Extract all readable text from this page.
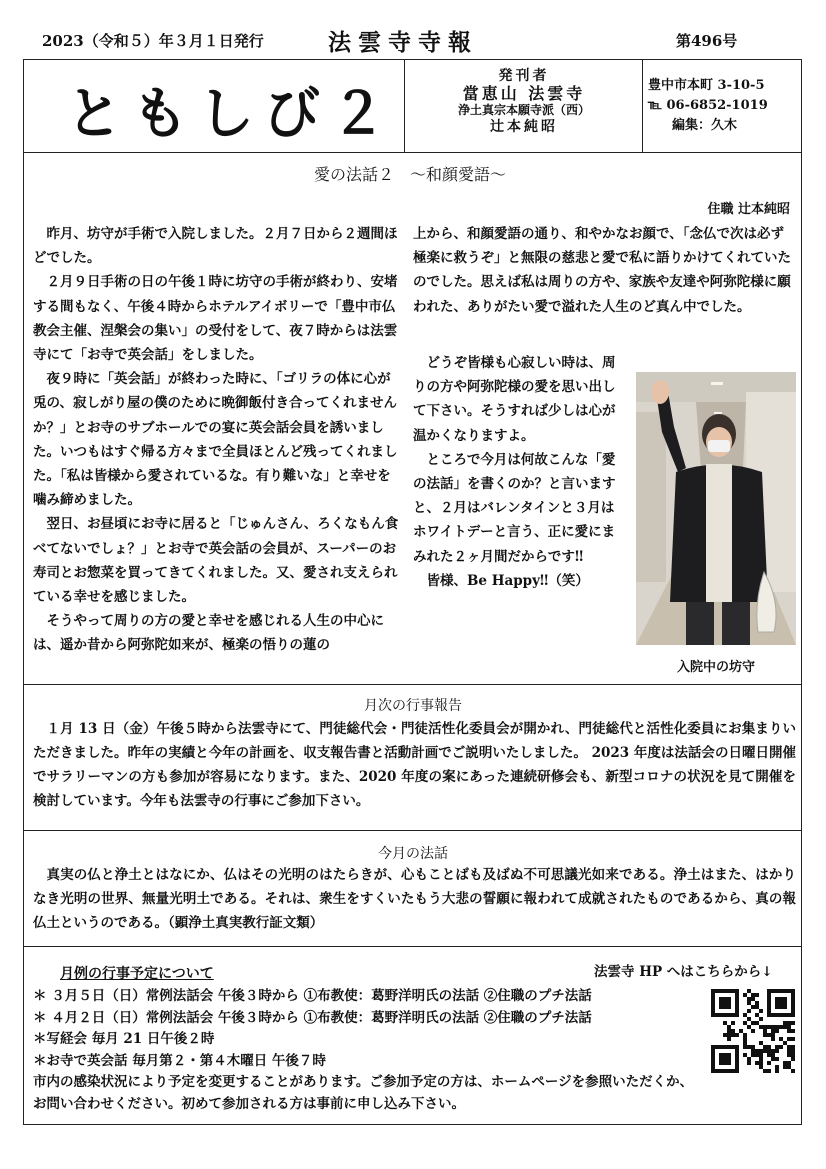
2023（令和５）年３月１日発行	法雲寺寺報	第496号
ともしび２
発刊者
當恵山 法雲寺
浄土真宗本願寺派（西）
辻本純昭
豊中市本町 3-10-5
℡ 06-6852-1019
編集：久木
愛の法話２　～和顔愛語～
住職 辻本純昭

昨月、坊守が手術で入院しました。２月７日から２週間ほどでした。

２月９日手術の日の午後１時に坊守の手術が終わり、安堵する間もなく、午後４時からホテルアイボリーで「豊中市仏教会主催、涅槃会の集い」の受付をして、夜７時からは法雲寺にて「お寺で英会話」をしました。

夜９時に「英会話」が終わった時に、「ゴリラの体に心が兎の、寂しがり屋の僕のために晩御飯付き合ってくれませんか？」とお寺のサブホールでの宴に英会話会員を誘いました。いつもはすぐ帰る方々まで全員ほとんど残ってくれました。「私は皆様から愛されているな。有り難いな」と幸せを噛み締めました。

翌日、お昼頃にお寺に居ると「じゅんさん、ろくなもん食べてないでしょ？」とお寺で英会話の会員が、スーパーのお寿司とお惣菜を買ってきてくれました。又、愛され支えられている幸せを感じました。

そうやって周りの方の愛と幸せを感じれる人生の中心には、遥か昔から阿弥陀如来が、極楽の悟りの蓮の

上から、和顔愛語の通り、和やかなお顔で、「念仏で次は必ず極楽に救うぞ」と無限の慈悲と愛で私に語りかけてくれていたのでした。思えば私は周りの方や、家族や友達や阿弥陀様に願われた、ありがたい愛で溢れた人生のど真ん中でした。

どうぞ皆様も心寂しい時は、周りの方や阿弥陀様の愛を思い出して下さい。そうすれば少しは心が温かくなりますよ。

ところで今月は何故こんな「愛の法話」を書くのか？と言いますと、２月はバレンタインと３月はホワイトデーと言う、正に愛にまみれた２ヶ月間だからです‼

皆様、Be Happy‼（笑）

入院中の坊守
月次の行事報告
１月 13 日（金）午後５時から法雲寺にて、門徒総代会・門徒活性化委員会が開かれ、門徒総代と活性化委員にお集まりいただきました。昨年の実績と今年の計画を、収支報告書と活動計画でご説明いたしました。 2023 年度は法話会の日曜日開催でサラリーマンの方も参加が容易になります。また、2020 年度の案にあった連続研修会も、新型コロナの状況を見て開催を検討しています。今年も法雲寺の行事にご参加下さい。
今月の法話
真実の仏と浄土とはなにか、仏はその光明のはたらきが、心もことばも及ばぬ不可思議光如来である。浄土はまた、はかりなき光明の世界、無量光明土である。それは、衆生をすくいたもう大悲の誓願に報われて成就されたものであるから、真の報仏土というのである。（顕浄土真実教行証文類）
月例の行事予定について	法雲寺 HP へはこちらから↓
＊ ３月５日（日）常例法話会 午後３時から ①布教使：葛野洋明氏の法話 ②住職のプチ法話
＊ ４月２日（日）常例法話会 午後３時から ①布教使：葛野洋明氏の法話 ②住職のプチ法話
＊写経会 毎月 21 日午後２時
＊お寺で英会話 毎月第２・第４木曜日 午後７時
市内の感染状況により予定を変更することがあります。ご参加予定の方は、ホームページを参照いただくか、お問い合わせください。初めて参加される方は事前に申し込み下さい。
